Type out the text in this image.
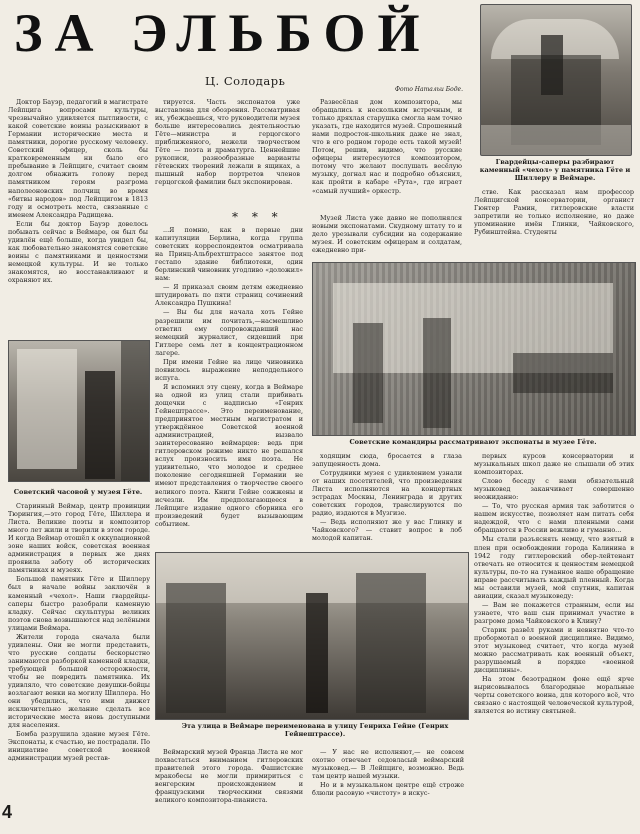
ЗА ЭЛЬБОЙ
Ц. Солодарь
Фото Натальи Боде.
Гвардейцы-саперы разбирают каменный «чехол» у памятника Гёте и Шиллеру в Веймаре.

Доктор Бауэр, педагогий в магистрате Лейпцига вопросами культуры, чрезвычайно удивляется пытливости, с какой советские воины разыскивают в Германии исторические места и памятники, дорогие русскому человеку. Советский офицер, сколь бы кратковременным ни было его пребывание в Лейпциге, считает своим долгом обнажить голову перед памятником героям разгрома наполеоновских полчищ во время «битвы народов» под Лейпцигом в 1813 году и осмотреть места, связанные с именем Александра Радищева.

Если бы доктор Бауэр довелось побывать сейчас в Веймаре, он был бы удивлён ещё больше, когда увидел бы, как любовательно знакомятся советские воины с памятниками и ценностями немецкой культуры. И не только знакомятся, но восстанавливают и охраняют их.

тируется. Часть экспонатов уже выставлена для обозрения. Рассматривая их, убеждаешься, что руководители музея больше интересовались деятельностью Гёте—министра и герцогского приближенного, нежели творчеством Гёте — поэта и драматурга. Ценнейшие рукописи, разнообразные варианты гётевских творений лежали в ящиках, а пышный набор портретов членов герцогской фамилии был экспонирован.

* * *

Развесёлая дом композитора, мы обращались к нескольким встречным, и только дряхлая старушка смогла нам точно указать, где находится музей. Спрошенный нами подросток-школьник даже не знал, что в его родном городе есть такой музей! Потом, решив, видимо, что русские офицеры интересуются композитором, потому что желают послушать весёлую музыку, догнал нас и подробно объяснил, как пройти в кабаре «Рута», где играет «самый лучший» оркестр.

Музей Листа уже давно не пополнялся новыми экспонатами. Скудному штату то и дело урезывали субсидии на содержание музея. И советским офицерам и солдатам, ежедневно при-

стве. Как рассказал нам профессор Лейпцигской консерватории, органист Гюнтер Рамин, гитлеровские власти запретили не только исполнение, но даже упоминание имён Глинки, Чайковского, Рубинштейна. Студенты

Советские командиры рассматривают экспонаты в музее Гёте.
Советский часовой у музея Гёте.

...Я помню, как в первые дни капитуляции Берлина, когда группа советских корреспондентов осматривала на Принц-Альбрехтштрассе занятое под гестапо здание библиотеки, один берлинский чиновник угодливо «доложил» нам:

— Я приказал своим детям ежедневно штудировать по пяти страниц сочинений Александра Пушкина!

— Вы бы для начала хоть Гейне разрешили им почитать,—насмешливо ответил ему сопровождавший нас немецкий журналист, сидевший при Гитлере семь лет в концентрационном лагере.

При имени Гейне на лице чиновника появилось выражение неподдельного испуга.

Я вспомнил эту сцену, когда в Веймаре на одной из улиц стали прибивать дощечки с надписью «Генрих Гейнештрассе». Это переименование, предпринятое местным магистратом и утверждённое Советской военной администрацией, вызвало заинтересованно веймарцев: ведь при гитлеровском режиме никто не решался вслух произносить имя поэта. Не удивительно, что молодое и среднее поколение сегодняшней Германии не имеют представления о творчестве своего великого поэта. Книги Гейне сожжены и исчезли. Им предполагающееся в Лейпциге издание одного сборника его произведений будет вызывающим событием.

Старинный Веймар, центр провинции Тюрингия,—это город Гёте, Шиллера и Листа. Великие поэты и композитор много лет жили и творили в этом городе. И когда Веймар отошёл к оккупационной зоне наших войск, советская военная администрация в первых же днях проявила заботу об исторических памятниках и музеях.

Большой памятник Гёте и Шиллеру был в начале войны заключён в каменный «чехол». Наши гвардейцы-саперы быстро разобрали каменную кладку. Сейчас скульптуры великих поэтов снова возвышаются над зелёными улицами Веймара.

Жители города сначала были удивлены. Они не могли представить, что русские солдаты бескорыстно занимаются разборкой каменной кладки, требующей большой осторожности, чтобы не повредить памятника. Их удивляло, что советские девушки-бойцы возлагают венки на могилу Шиллера. Но они убедились, что ими движет исключительно желание сделать все исторические места вновь доступными для населения.

Бомба разрушила здание музея Гёте. Экспонаты, к счастью, не пострадали. По инициативе советской военной администрации музей рестав-

ходящим сюда, бросается в глаза запущенность дома.

Сотрудники музея с удивлением узнали от наших посетителей, что произведения Листа исполняются на концертных эстрадах Москвы, Ленинграда и других советских городов, транслируются по радио, издаются в Музгизе.

— Ведь исполняют же у вас Глинку и Чайковского? — ставит вопрос в лоб молодой капитан.

первых курсов консерватории и музыкальных школ даже не слышали об этих композиторах.

Слово беседу с нами обязательный музыковед заканчивает совершенно неожиданно:

— То, что русская армия так заботится о нашем искусстве, позволяет нам питать себя надеждой, что с нами пленными сами обращаются в России вежливо и гуманно...

Мы стали разъяснять немцу, что взятый в плен при освобождении города Калинина в 1942 году гитлеровский обер-лейтенант отвечать не относится к ценностям немецкой культуры, по-то на гуманное наше обращение вправе рассчитывать каждый пленный. Когда мы оставили музей, мой спутник, капитан авиации, сказал музыковеду:

— Вам не покажется странным, если вы узнаете, что ваш сын принимал участие в разгроме дома Чайковского в Клину?

Старик развёл руками и невнятно что-то пробормотал о военной дисциплине. Видимо, этот музыковед считает, что когда музей можно рассматривать как военный объект, разрушаемый в порядке «военной дисциплины».

На этом безотрадном фоне ещё ярче вырисовывалось благородные моральные черты советского воина, для которого всё, что связано с настоящей человеческой культурой, является во истину святыней.

Эта улица в Веймаре переименована в улицу Генриха Гейне (Генрих Гейнештрассе).

Веймарский музей Франца Листа не мог похвастаться вниманием гитлеровских правителей этого города. Фашистские мракобесы не могли примириться с венгерским происхождением и французскими творческими связями великого композитора-пианиста.

— У нас не исполняют,— не совсем охотно отвечает седовласый веймарский музыковед.— В Лейпциге, возможно. Ведь там центр нашей музыки.

Но и в музыкальном центре ещё строже блюли расовую «чистоту» в искус-

4
